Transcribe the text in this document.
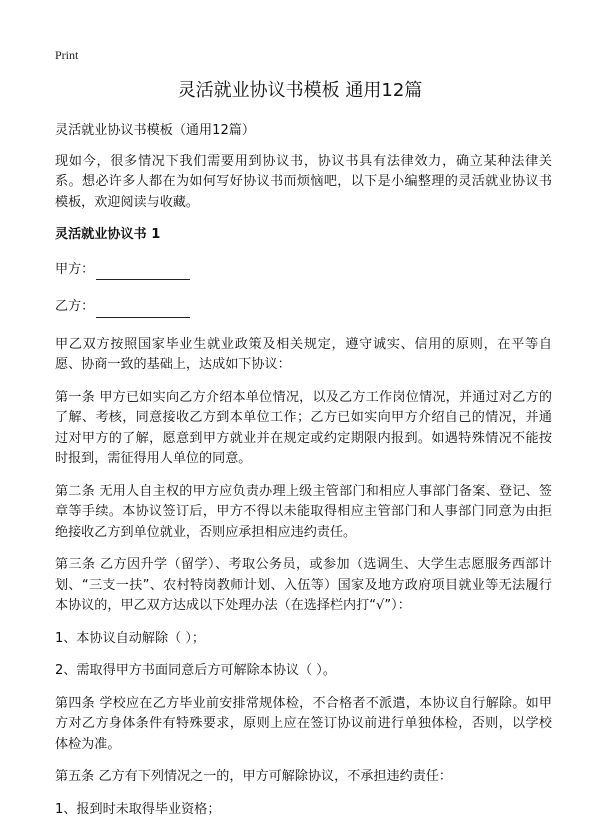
Print
灵活就业协议书模板 通用12篇

灵活就业协议书模板（通用12篇）

现如今，很多情况下我们需要用到协议书，协议书具有法律效力，确立某种法律关系。想必许多人都在为如何写好协议书而烦恼吧，以下是小编整理的灵活就业协议书模板，欢迎阅读与收藏。

灵活就业协议书 1

甲方：

乙方：

甲乙双方按照国家毕业生就业政策及相关规定，遵守诚实、信用的原则，在平等自愿、协商一致的基础上，达成如下协议：

第一条 甲方已如实向乙方介绍本单位情况，以及乙方工作岗位情况，并通过对乙方的了解、考核，同意接收乙方到本单位工作；乙方已如实向甲方介绍自己的情况，并通过对甲方的了解，愿意到甲方就业并在规定或约定期限内报到。如遇特殊情况不能按时报到，需征得用人单位的同意。

第二条 无用人自主权的甲方应负责办理上级主管部门和相应人事部门备案、登记、签章等手续。本协议签订后，甲方不得以未能取得相应主管部门和人事部门同意为由拒绝接收乙方到单位就业，否则应承担相应违约责任。

第三条 乙方因升学（留学）、考取公务员，或参加（选调生、大学生志愿服务西部计划、“三支一扶”、农村特岗教师计划、入伍等）国家及地方政府项目就业等无法履行本协议的，甲乙双方达成以下处理办法（在选择栏内打“√”）：

1、本协议自动解除（ ）；

2、需取得甲方书面同意后方可解除本协议（ ）。

第四条 学校应在乙方毕业前安排常规体检，不合格者不派遣，本协议自行解除。如甲方对乙方身体条件有特殊要求，原则上应在签订协议前进行单独体检，否则，以学校体检为准。

第五条 乙方有下列情况之一的，甲方可解除协议，不承担违约责任：

1、报到时未取得毕业资格；
